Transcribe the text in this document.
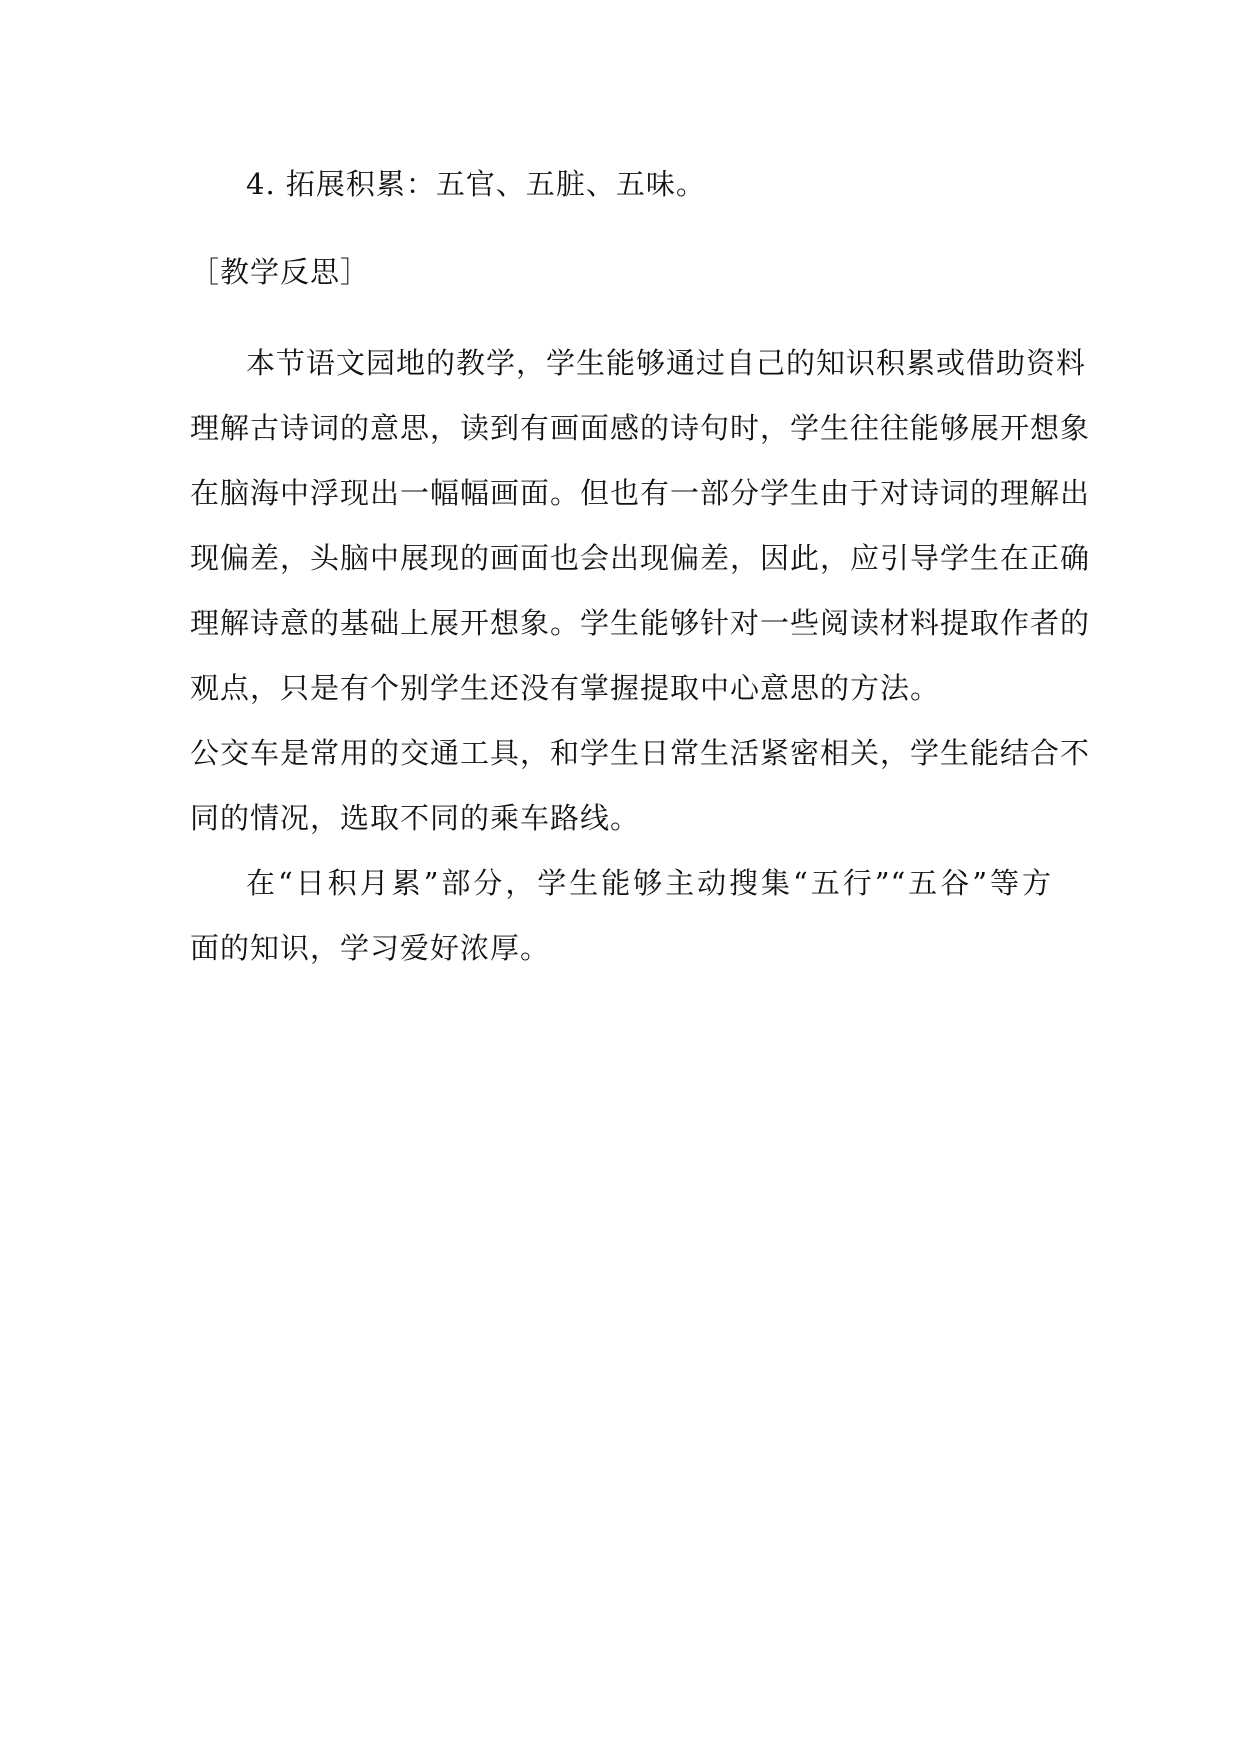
4. 拓展积累：五官、五脏、五味。
［教学反思］
本节语文园地的教学，学生能够通过自己的知识积累或借助资料
理解古诗词的意思，读到有画面感的诗句时，学生往往能够展开想象
在脑海中浮现出一幅幅画面。但也有一部分学生由于对诗词的理解出
现偏差，头脑中展现的画面也会出现偏差，因此，应引导学生在正确
理解诗意的基础上展开想象。学生能够针对一些阅读材料提取作者的
观点，只是有个别学生还没有掌握提取中心意思的方法。
公交车是常用的交通工具，和学生日常生活紧密相关，学生能结合不
同的情况，选取不同的乘车路线。
在“日积月累”部分，学生能够主动搜集“五行”“五谷”等方
面的知识，学习爱好浓厚。
